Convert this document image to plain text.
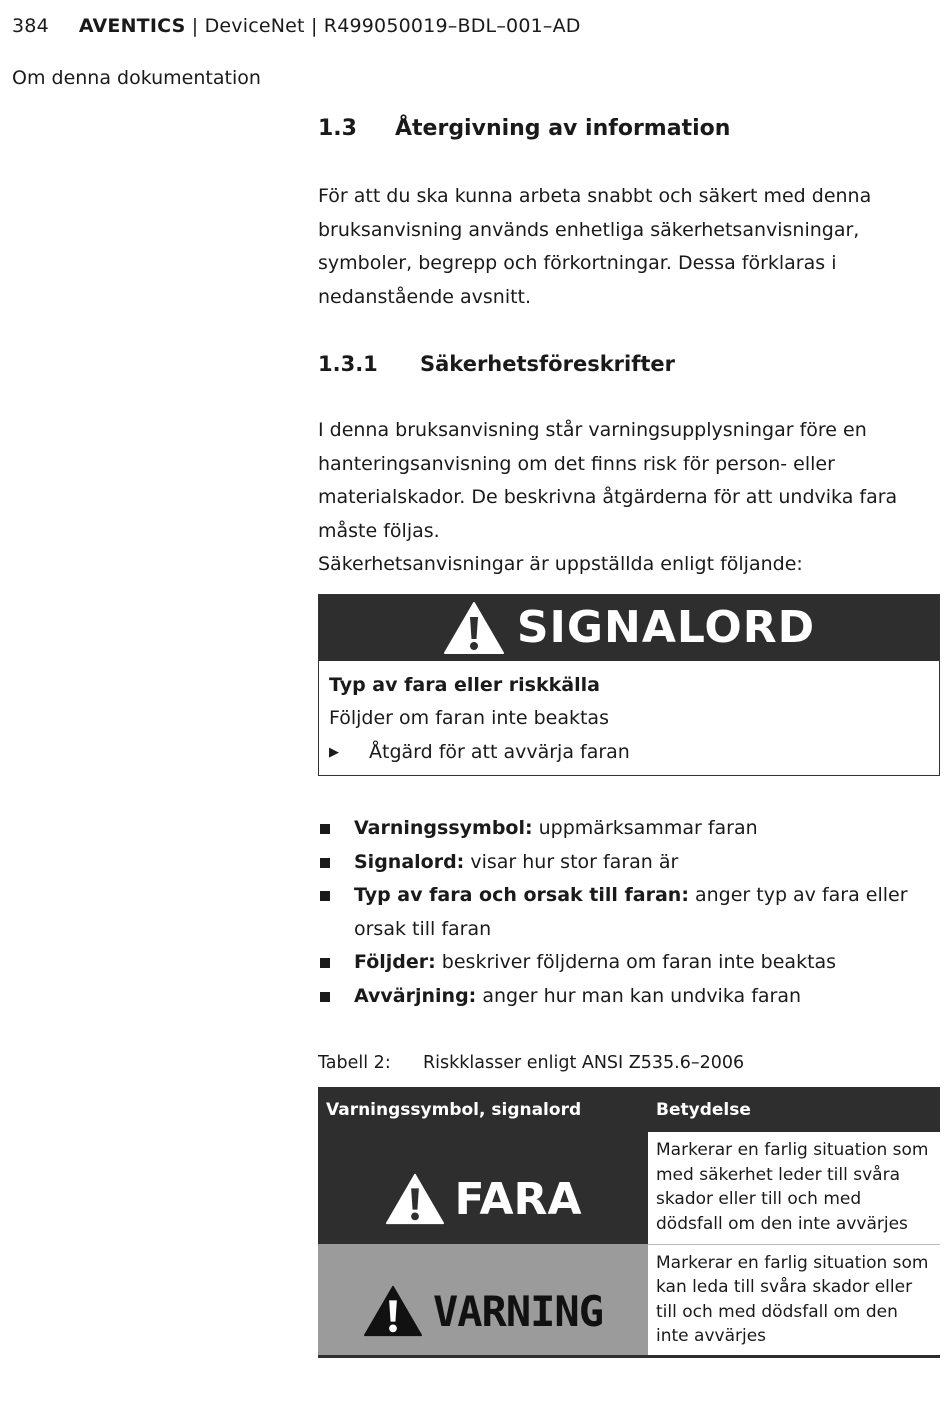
384 AVENTICS | DeviceNet | R499050019–BDL–001–AD
Om denna dokumentation
1.3	Återgivning av information

För att du ska kunna arbeta snabbt och säkert med denna bruksanvisning används enhetliga säkerhetsanvisningar, symboler, begrepp och förkortningar. Dessa förklaras i nedanstående avsnitt.

1.3.1	Säkerhetsföreskrifter

I denna bruksanvisning står varningsupplysningar före en hanteringsanvisning om det finns risk för person- eller materialskador. De beskrivna åtgärderna för att undvika fara måste följas.

Säkerhetsanvisningar är uppställda enligt följande:

SIGNALORD
Typ av fara eller riskkälla
Följder om faran inte beaktas
▶	Åtgärd för att avvärja faran
Varningssymbol: uppmärksammar faran
Signalord: visar hur stor faran är
Typ av fara och orsak till faran: anger typ av fara eller orsak till faran
Följder: beskriver följderna om faran inte beaktas
Avvärjning: anger hur man kan undvika faran
Tabell 2:	Riskklasser enligt ANSI Z535.6–2006
Varningssymbol, signalord	Betydelse

FARA	Markerar en farlig situation som med säkerhet leder till svåra skador eller till och med dödsfall om den inte avvärjes

VARNING	Markerar en farlig situation som kan leda till svåra skador eller till och med dödsfall om den inte avvärjes
